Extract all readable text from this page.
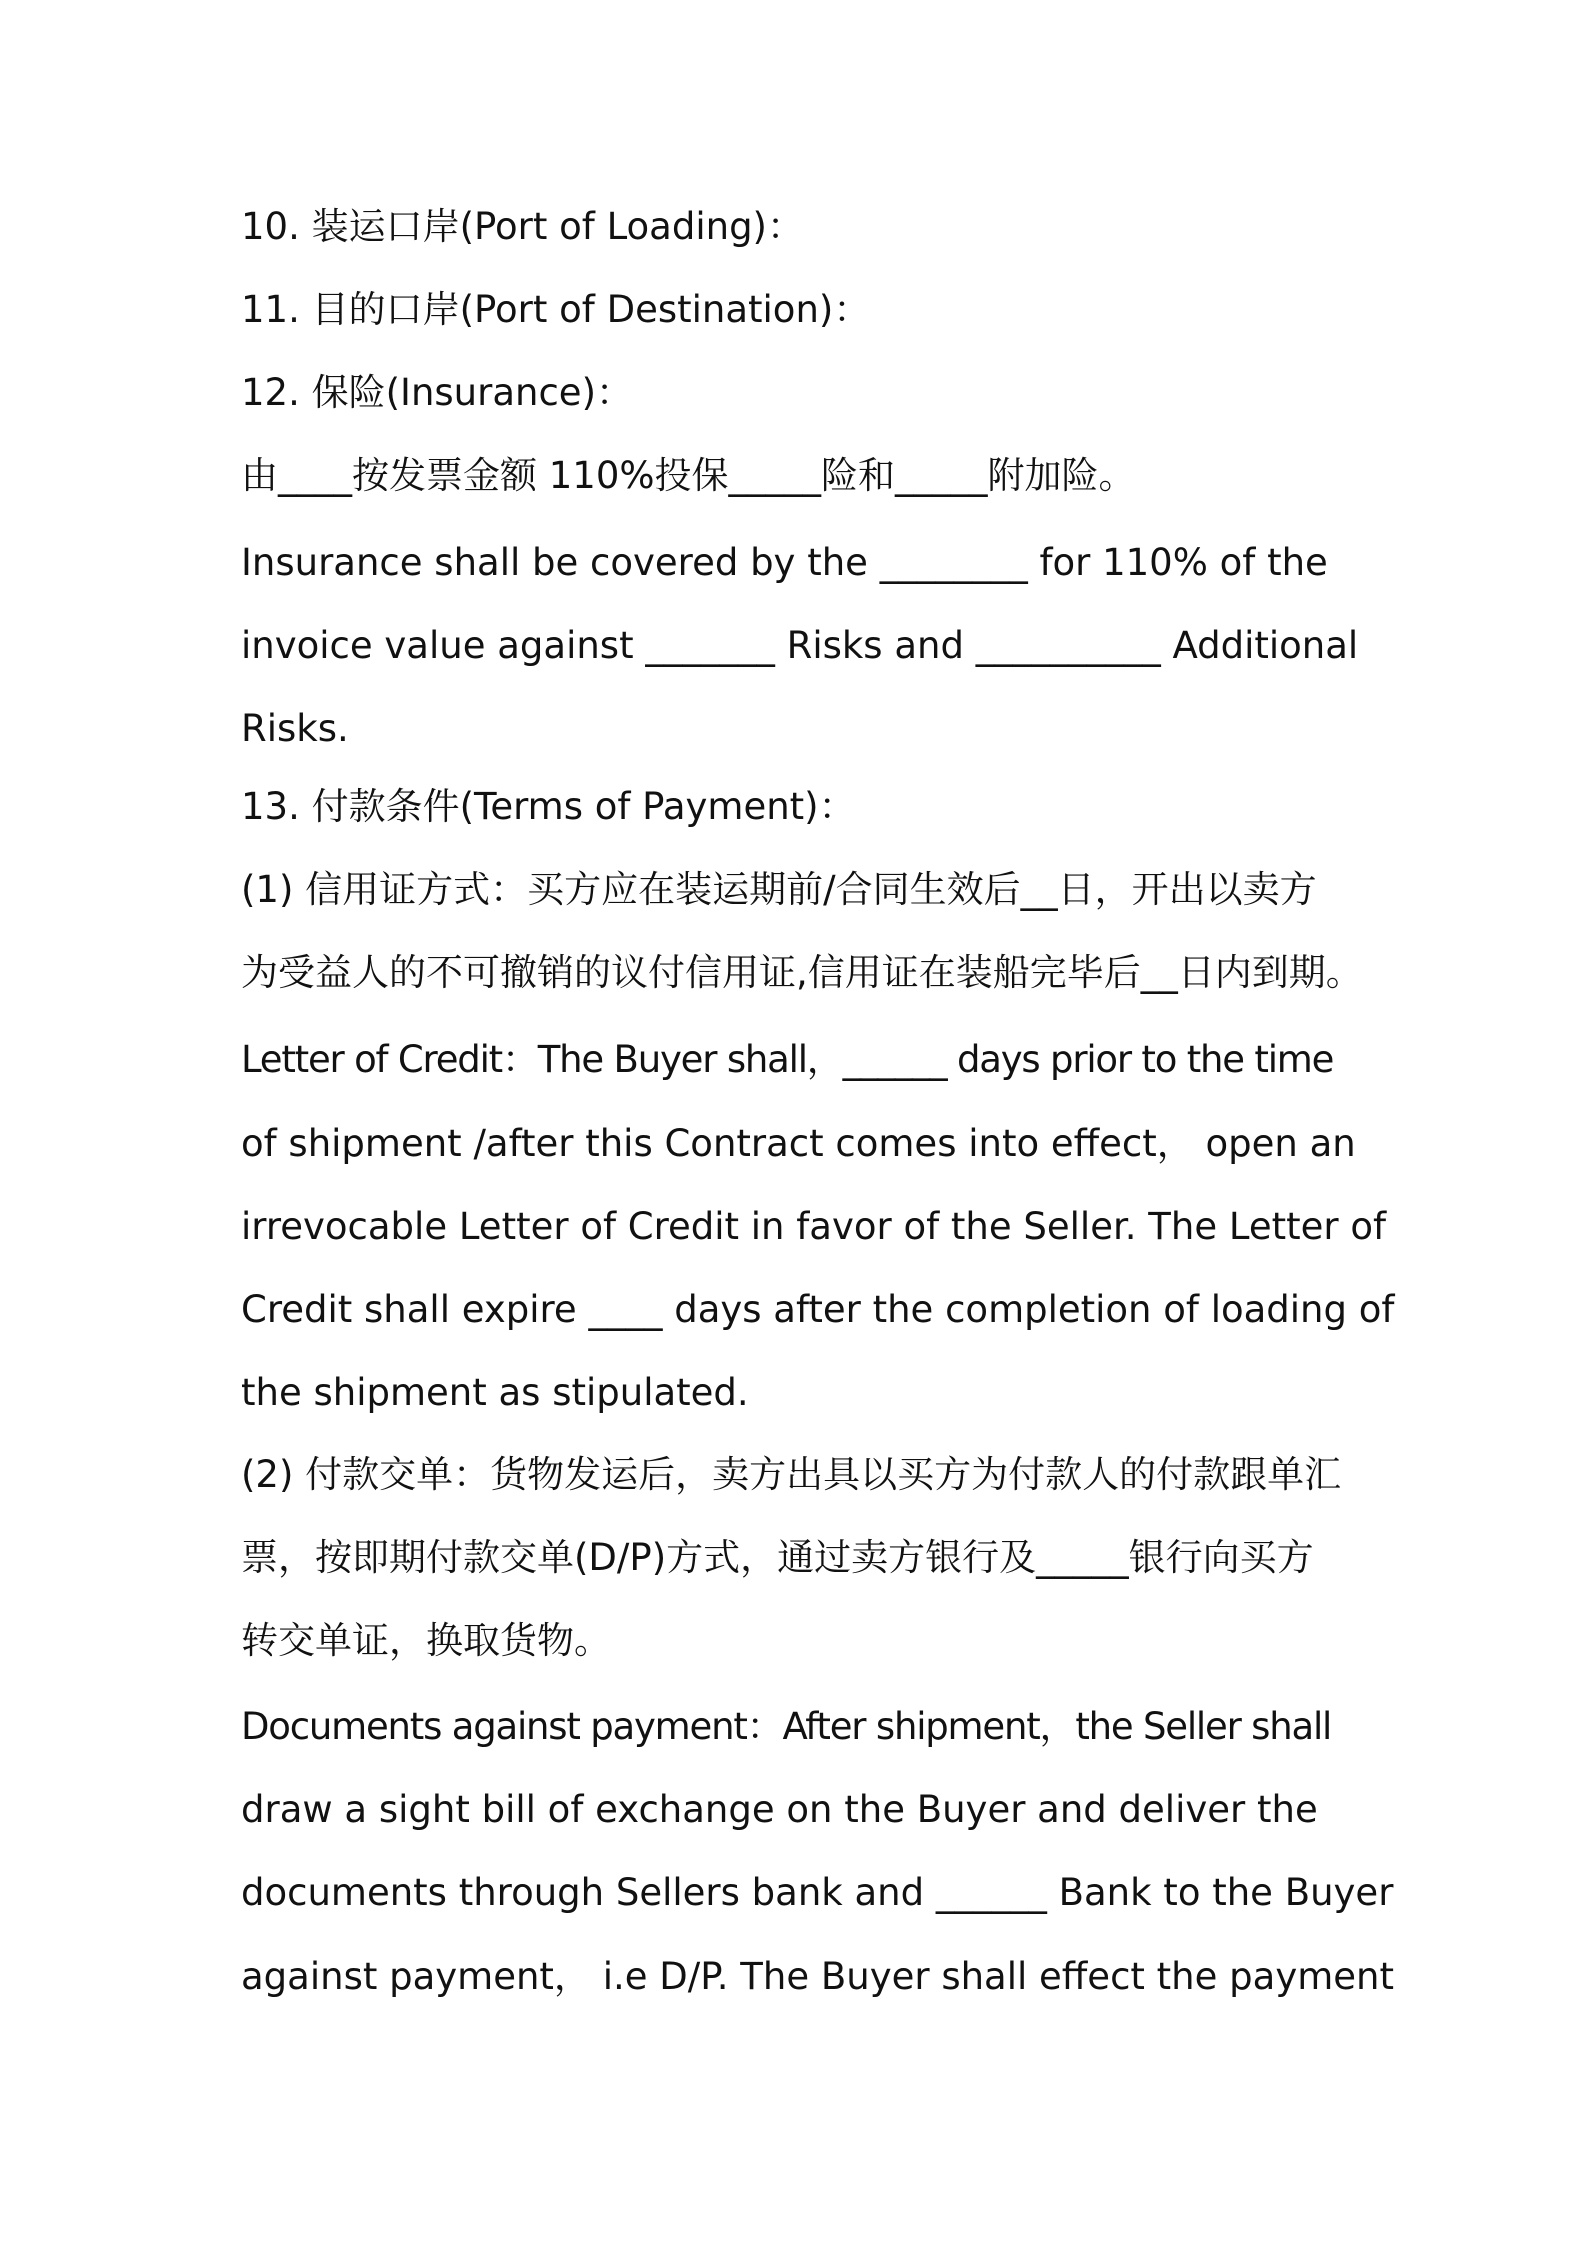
10. 装运口岸(Port of Loading)：
11. 目的口岸(Port of Destination)：
12. 保险(Insurance)：
由____按发票金额 110%投保_____险和_____附加险。
Insurance shall be covered by the ________ for 110% of the
invoice value against _______ Risks and __________ Additional
Risks.
13. 付款条件(Terms of Payment)：
(1) 信用证方式：买方应在装运期前/合同生效后__日，开出以卖方
为受益人的不可撤销的议付信用证,信用证在装船完毕后__日内到期。
Letter of Credit：The Buyer shall，______ days prior to the time
of shipment /after this Contract comes into effect， open an
irrevocable Letter of Credit in favor of the Seller. The Letter of
Credit shall expire ____ days after the completion of loading of
the shipment as stipulated.
(2) 付款交单：货物发运后，卖方出具以买方为付款人的付款跟单汇
票，按即期付款交单(D/P)方式，通过卖方银行及_____银行向买方
转交单证，换取货物。
Documents against payment：After shipment，the Seller shall
draw a sight bill of exchange on the Buyer and deliver the
documents through Sellers bank and ______ Bank to the Buyer
against payment， i.e D/P. The Buyer shall effect the payment
